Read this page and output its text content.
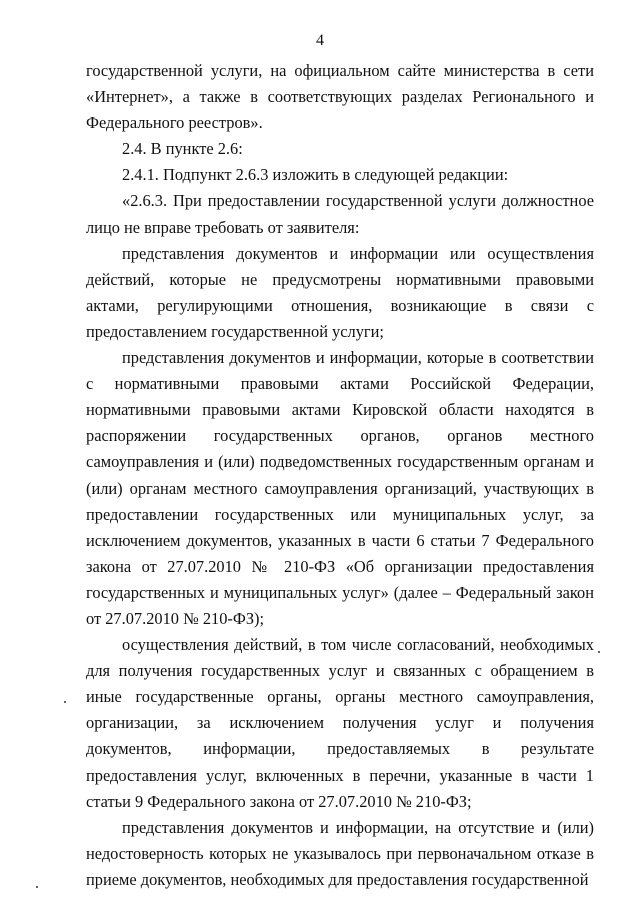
4

государственной услуги, на официальном сайте министерства в сети «Интернет», а также в соответствующих разделах Регионального и Федерального реестров».

2.4. В пункте 2.6:

2.4.1. Подпункт 2.6.3 изложить в следующей редакции:

«2.6.3. При предоставлении государственной услуги должностное лицо не вправе требовать от заявителя:

представления документов и информации или осуществления действий, которые не предусмотрены нормативными правовыми актами, регулирующими отношения, возникающие в связи с предоставлением государственной услуги;

представления документов и информации, которые в соответствии с нормативными правовыми актами Российской Федерации, нормативными правовыми актами Кировской области находятся в распоряжении государственных органов, органов местного самоуправления и (или) подведомственных государственным органам и (или) органам местного самоуправления организаций, участвующих в предоставлении государственных или муниципальных услуг, за исключением документов, указанных в части 6 статьи 7 Федерального закона от 27.07.2010 № 210-ФЗ «Об организации предоставления государственных и муниципальных услуг» (далее – Федеральный закон от 27.07.2010 № 210-ФЗ);

осуществления действий, в том числе согласований, необходимых для получения государственных услуг и связанных с обращением в иные государственные органы, органы местного самоуправления, организации, за исключением получения услуг и получения документов, информации, предоставляемых в результате предоставления услуг, включенных в перечни, указанные в части 1 статьи 9 Федерального закона от 27.07.2010 № 210-ФЗ;

представления документов и информации, на отсутствие и (или) недостоверность которых не указывалось при первоначальном отказе в приеме документов, необходимых для предоставления государственной
